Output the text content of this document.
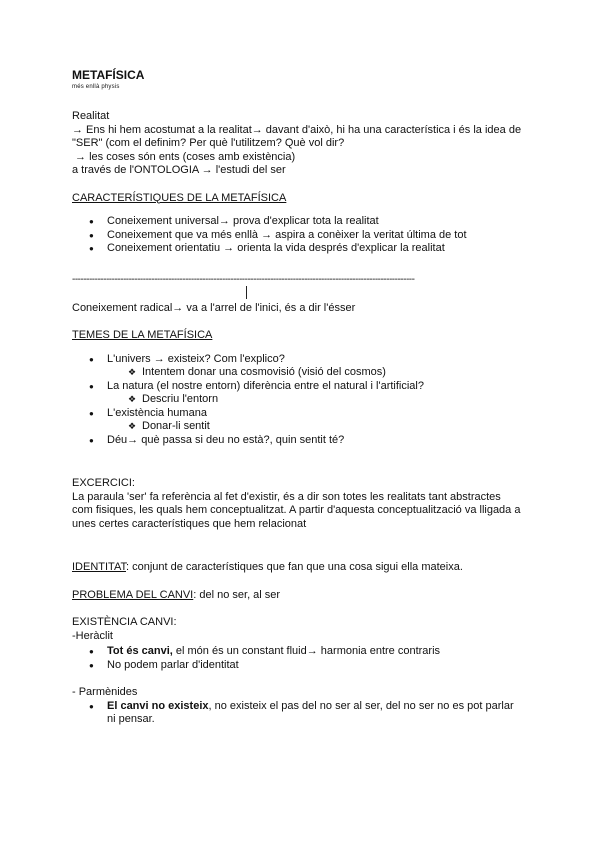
METAFÍSICA

més enllà physis

Realitat

→ Ens hi hem acostumat a la realitat→ davant d'això, hi ha una característica i és la idea de

"SER" (com el definim? Per què l'utilitzem? Què vol dir?

→ les coses són ents (coses amb existència)

a través de l'ONTOLOGIA → l'estudi del ser

CARACTERÍSTIQUES DE LA METAFÍSICA

● Coneixement universal→ prova d'explicar tota la realitat
● Coneixement que va més enllà → aspira a conèixer la veritat última de tot
● Coneixement orientatiu → orienta la vida després d'explicar la realitat

-------------------------------------------------------------------------------------------------------------------------

Coneixement radical→ va a l'arrel de l'inici, és a dir l'ésser

TEMES DE LA METAFÍSICA

● L'univers → existeix? Com l'explico?
❖ Intentem donar una cosmovisió (visió del cosmos)
● La natura (el nostre entorn) diferència entre el natural i l'artificial?
❖ Descriu l'entorn
● L'existència humana
❖ Donar-li sentit
● Déu→ què passa si deu no està?, quin sentit té?

EXCERCICI:

La paraula 'ser' fa referència al fet d'existir, és a dir son totes les realitats tant abstractes

com fisiques, les quals hem conceptualitzat. A partir d'aquesta conceptualització va lligada a

unes certes característiques que hem relacionat

IDENTITAT: conjunt de característiques que fan que una cosa sigui ella mateixa.

PROBLEMA DEL CANVI: del no ser, al ser

EXISTÈNCIA CANVI:

-Heràclit

● Tot és canvi, el món és un constant fluid→ harmonia entre contraris
● No podem parlar d'identitat

- Parmènides

● El canvi no existeix, no existeix el pas del no ser al ser, del no ser no es pot parlar ni pensar.
